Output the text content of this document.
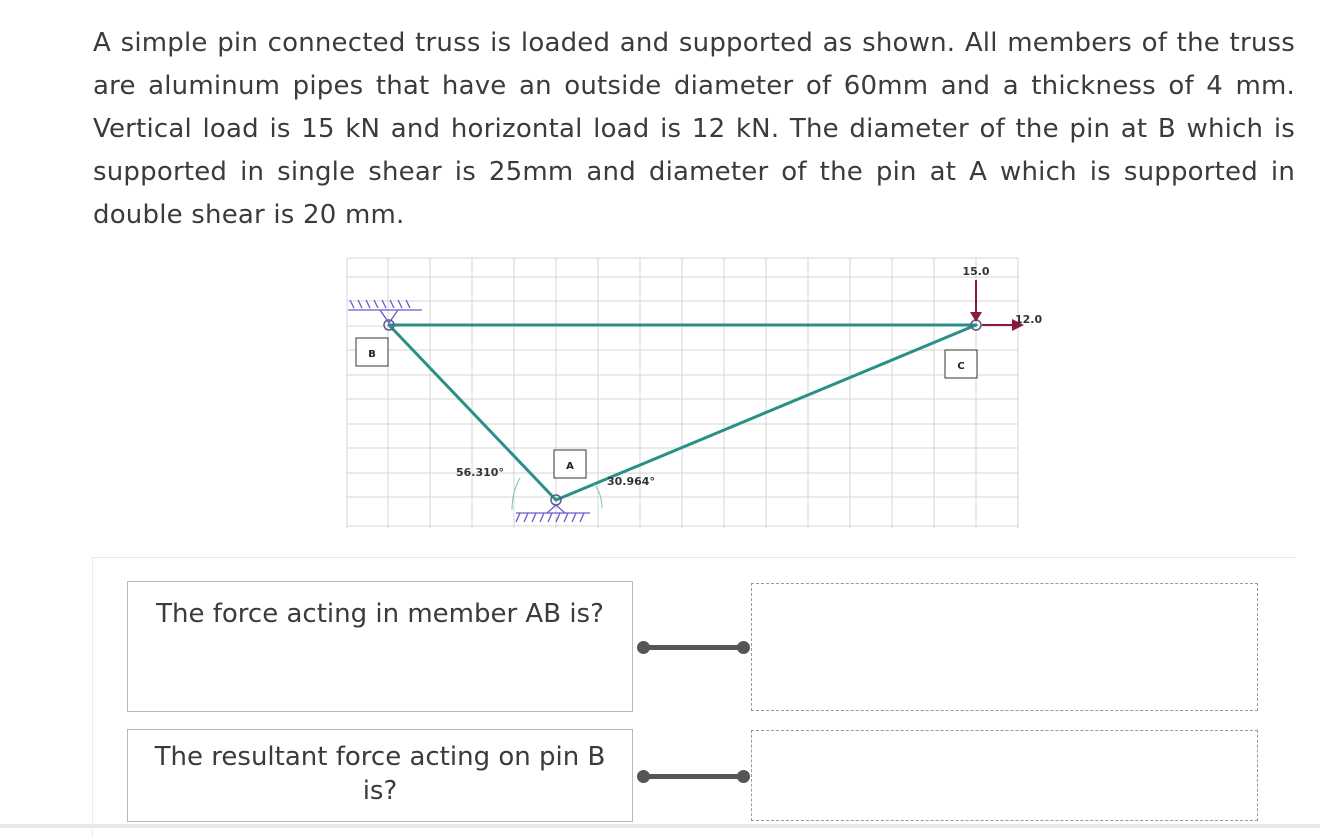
A simple pin connected truss is loaded and supported as shown. All members of the truss are aluminum pipes that have an outside diameter of 60mm and a thickness of 4 mm. Vertical load is 15 kN and horizontal load is 12 kN. The diameter of the pin at B which is supported in single shear is 25mm and diameter of the pin at A which is supported in double shear is 20 mm.

B
A
C
56.310°
30.964°
15.0
12.0
The force acting in member AB is?
The resultant force acting on pin B is?
